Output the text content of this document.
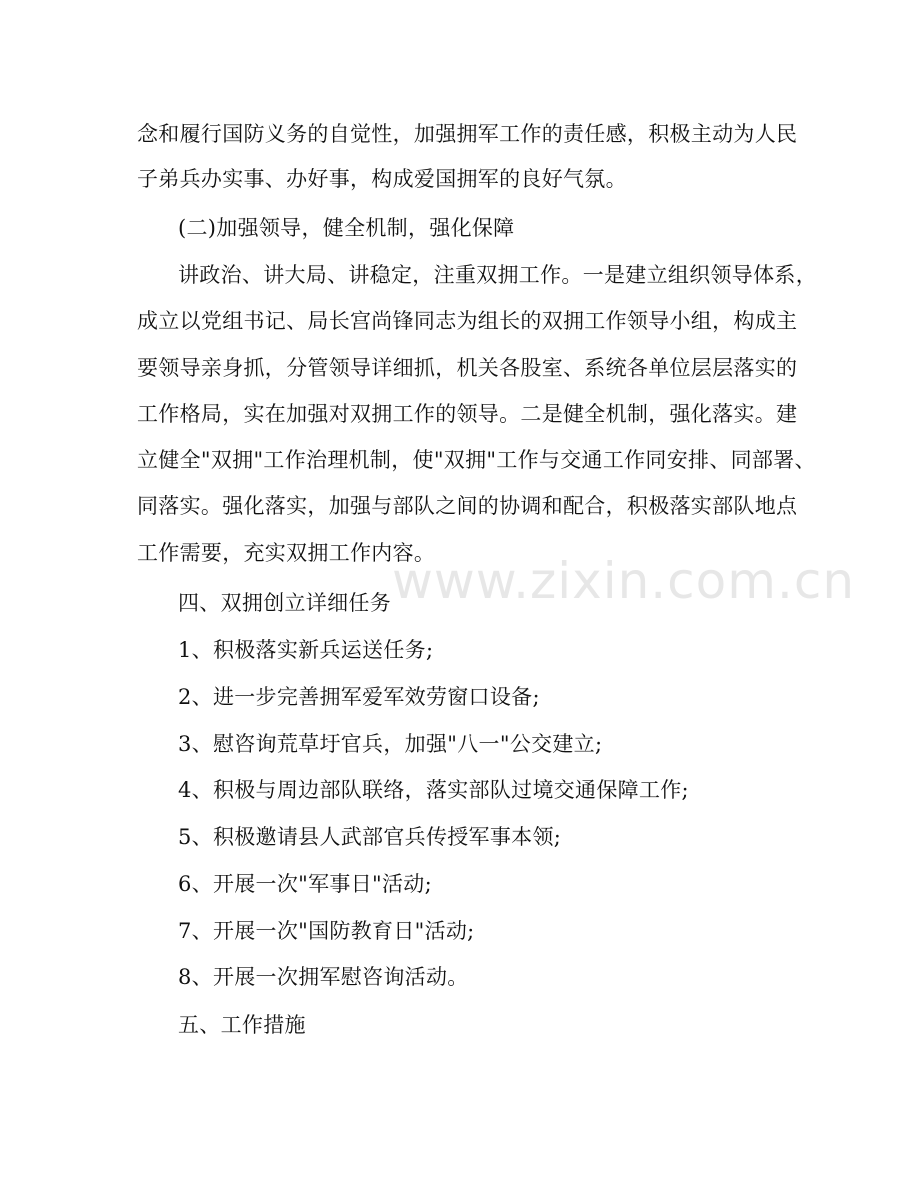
念和履行国防义务的自觉性，加强拥军工作的责任感，积极主动为人民
子弟兵办实事、办好事，构成爱国拥军的良好气氛。
(二)加强领导，健全机制，强化保障
讲政治、讲大局、讲稳定，注重双拥工作。一是建立组织领导体系，
成立以党组书记、局长宫尚锋同志为组长的双拥工作领导小组，构成主
要领导亲身抓，分管领导详细抓，机关各股室、系统各单位层层落实的
工作格局，实在加强对双拥工作的领导。二是健全机制，强化落实。建
立健全"双拥"工作治理机制，使"双拥"工作与交通工作同安排、同部署、
同落实。强化落实，加强与部队之间的协调和配合，积极落实部队地点
工作需要，充实双拥工作内容。
四、双拥创立详细任务
1、积极落实新兵运送任务;
2、进一步完善拥军爱军效劳窗口设备;
3、慰咨询荒草圩官兵，加强"八一"公交建立;
4、积极与周边部队联络，落实部队过境交通保障工作;
5、积极邀请县人武部官兵传授军事本领;
6、开展一次"军事日"活动;
7、开展一次"国防教育日"活动;
8、开展一次拥军慰咨询活动。
五、工作措施
www.zixin.com.cn
